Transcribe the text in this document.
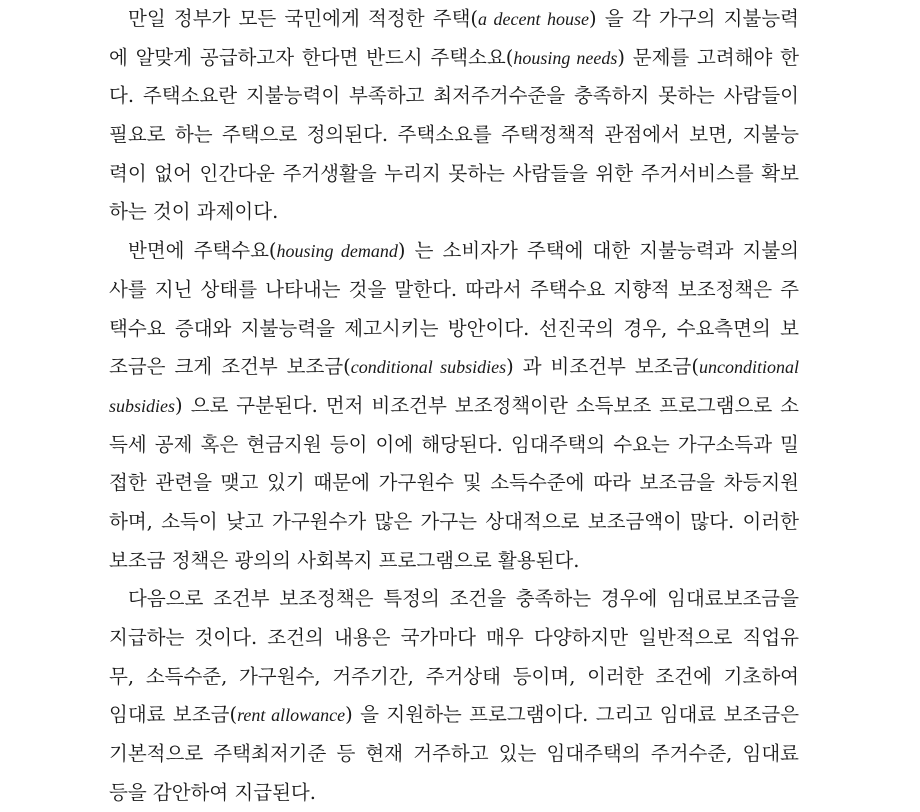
만일 정부가 모든 국민에게 적정한 주택(a decent house) 을 각 가구의 지불능력
에 알맞게 공급하고자 한다면 반드시 주택소요(housing needs) 문제를 고려해야 한
다. 주택소요란 지불능력이 부족하고 최저주거수준을 충족하지 못하는 사람들이
필요로 하는 주택으로 정의된다. 주택소요를 주택정책적 관점에서 보면, 지불능
력이 없어 인간다운 주거생활을 누리지 못하는 사람들을 위한 주거서비스를 확보
하는 것이 과제이다.
반면에 주택수요(housing demand) 는 소비자가 주택에 대한 지불능력과 지불의
사를 지닌 상태를 나타내는 것을 말한다. 따라서 주택수요 지향적 보조정책은 주
택수요 증대와 지불능력을 제고시키는 방안이다. 선진국의 경우, 수요측면의 보
조금은 크게 조건부 보조금(conditional subsidies) 과 비조건부 보조금(unconditional
subsidies) 으로 구분된다. 먼저 비조건부 보조정책이란 소득보조 프로그램으로 소
득세 공제 혹은 현금지원 등이 이에 해당된다. 임대주택의 수요는 가구소득과 밀
접한 관련을 맺고 있기 때문에 가구원수 및 소득수준에 따라 보조금을 차등지원
하며, 소득이 낮고 가구원수가 많은 가구는 상대적으로 보조금액이 많다. 이러한
보조금 정책은 광의의 사회복지 프로그램으로 활용된다.
다음으로 조건부 보조정책은 특정의 조건을 충족하는 경우에 임대료보조금을
지급하는 것이다. 조건의 내용은 국가마다 매우 다양하지만 일반적으로 직업유
무, 소득수준, 가구원수, 거주기간, 주거상태 등이며, 이러한 조건에 기초하여
임대료 보조금(rent allowance) 을 지원하는 프로그램이다. 그리고 임대료 보조금은
기본적으로 주택최저기준 등 현재 거주하고 있는 임대주택의 주거수준, 임대료
등을 감안하여 지급된다.
